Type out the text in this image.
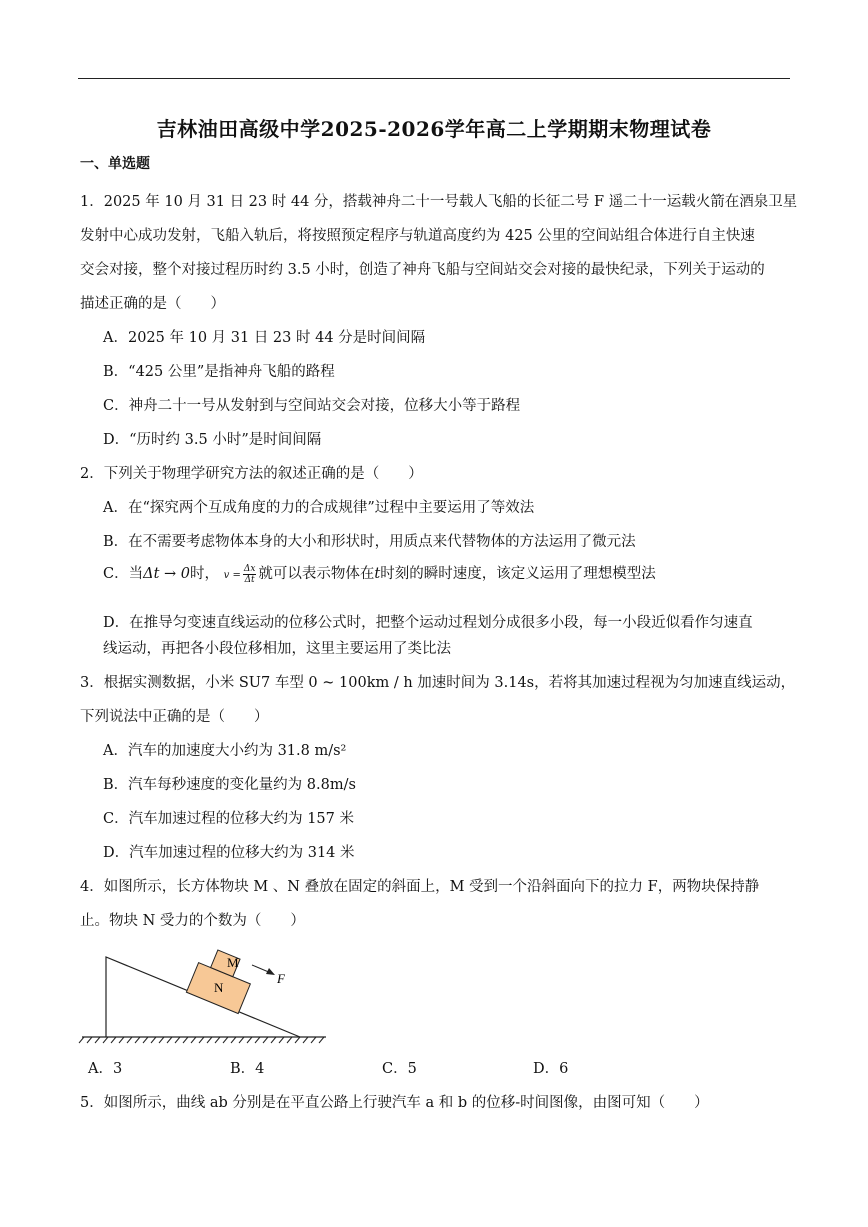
吉林油田高级中学2025-2026学年高二上学期期末物理试卷
一、单选题
1．2025 年 10 月 31 日 23 时 44 分，搭载神舟二十一号载人飞船的长征二号 F 遥二十一运载火箭在酒泉卫星
发射中心成功发射，飞船入轨后，将按照预定程序与轨道高度约为 425 公里的空间站组合体进行自主快速
交会对接，整个对接过程历时约 3.5 小时，创造了神舟飞船与空间站交会对接的最快纪录，下列关于运动的
描述正确的是（　　）
A．2025 年 10 月 31 日 23 时 44 分是时间间隔
B．“425 公里”是指神舟飞船的路程
C．神舟二十一号从发射到与空间站交会对接，位移大小等于路程
D．“历时约 3.5 小时”是时间间隔
2．下列关于物理学研究方法的叙述正确的是（　　）
A．在“探究两个互成角度的力的合成规律”过程中主要运用了等效法
B．在不需要考虑物体本身的大小和形状时，用质点来代替物体的方法运用了微元法
C．当Δt → 0时， $v = \frac{\Delta x}{\Delta t}$ 就可以表示物体在t时刻的瞬时速度，该定义运用了理想模型法
D．在推导匀变速直线运动的位移公式时，把整个运动过程划分成很多小段，每一小段近似看作匀速直
线运动，再把各小段位移相加，这里主要运用了类比法
3．根据实测数据，小米 SU7 车型 0 ~ 100km / h 加速时间为 3.14s，若将其加速过程视为匀加速直线运动，
下列说法中正确的是（　　）
A．汽车的加速度大小约为 31.8 m/s²
B．汽车每秒速度的变化量约为 8.8m/s
C．汽车加速过程的位移大约为 157 米
D．汽车加速过程的位移大约为 314 米
4．如图所示，长方体物块 M 、N 叠放在固定的斜面上，M 受到一个沿斜面向下的拉力 F，两物块保持静
止。物块 N 受力的个数为（　　）
M
N
F
A．3	B．4	C．5	D．6
5．如图所示，曲线 ab 分别是在平直公路上行驶汽车 a 和 b 的位移-时间图像，由图可知（　　）
